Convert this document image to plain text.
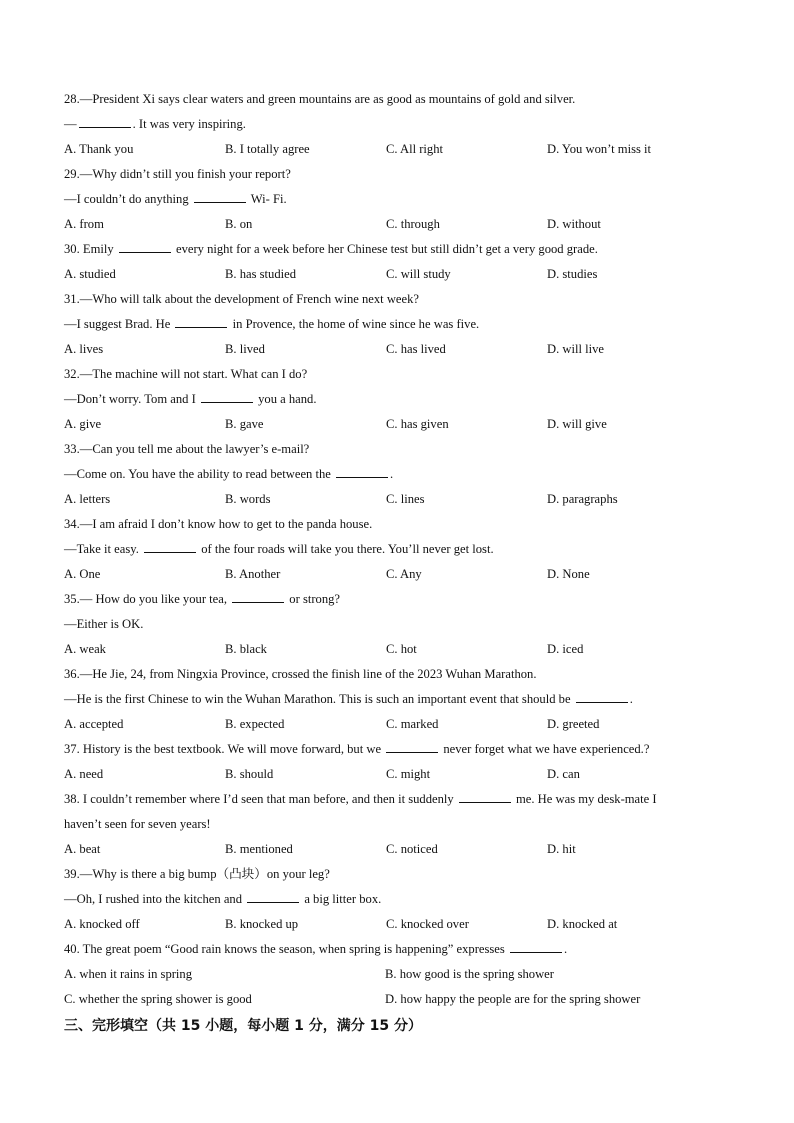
28.—President Xi says clear waters and green mountains are as good as mountains of gold and silver.
—	. It was very inspiring.
A. Thank you	B. I totally agree	C. All right	D. You won’t miss it
29.—Why didn’t still you finish your report?
—I couldn’t do anything	Wi- Fi.
A. from	B. on	C. through	D. without
30. Emily	every night for a week before her Chinese test but still didn’t get a very good grade.
A. studied	B. has studied	C. will study	D. studies
31.—Who will talk about the development of French wine next week?
—I suggest Brad. He	in Provence, the home of wine since he was five.
A. lives	B. lived	C. has lived	D. will live
32.—The machine will not start. What can I do?
—Don’t worry. Tom and I	you a hand.
A. give	B. gave	C. has given	D. will give
33.—Can you tell me about the lawyer’s e-mail?
—Come on. You have the ability to read between the	.
A. letters	B. words	C. lines	D. paragraphs
34.—I am afraid I don’t know how to get to the panda house.
—Take it easy.	of the four roads will take you there. You’ll never get lost.
A. One	B. Another	C. Any	D. None
35.— How do you like your tea,	or strong?
—Either is OK.
A. weak	B. black	C. hot	D. iced
36.—He Jie, 24, from Ningxia Province, crossed the finish line of the 2023 Wuhan Marathon.
—He is the first Chinese to win the Wuhan Marathon. This is such an important event that should be	.
A. accepted	B. expected	C. marked	D. greeted
37. History is the best textbook. We will move forward, but we	never forget what we have experienced.?
A. need	B. should	C. might	D. can
38. I couldn’t remember where I’d seen that man before, and then it suddenly	me. He was my desk-mate I
haven’t seen for seven years!
A. beat	B. mentioned	C. noticed	D. hit
39.—Why is there a big bump（凸块）on your leg?
—Oh, I rushed into the kitchen and	a big litter box.
A. knocked off	B. knocked up	C. knocked over	D. knocked at
40. The great poem “Good rain knows the season, when spring is happening” expresses	.
A. when it rains in spring	B. how good is the spring shower
C. whether the spring shower is good	D. how happy the people are for the spring shower
三、完形填空（共 15 小题，每小题 1 分，满分 15 分）
